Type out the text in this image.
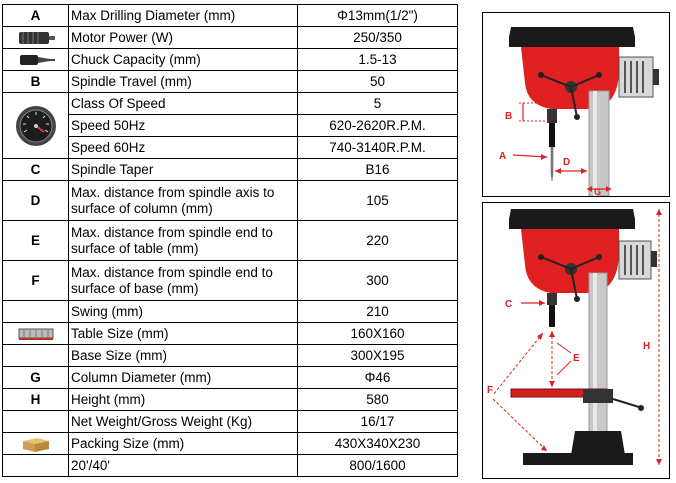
A	Max Drilling Diameter (mm)	Φ13mm(1/2")
	Motor Power (W)	250/350
	Chuck Capacity (mm)	1.5-13
B	Spindle Travel (mm)	50
	Class Of Speed	5
	Speed 50Hz	620-2620R.P.M.
	Speed 60Hz	740-3140R.P.M.
C	Spindle Taper	B16
D	Max. distance from spindle axis to surface of column (mm)	105
E	Max. distance from spindle end to surface of table (mm)	220
F	Max. distance from spindle end to surface of base (mm)	300
	Swing (mm)	210
	Table Size (mm)	160X160
	Base Size (mm)	300X195
G	Column Diameter (mm)	Φ46
H	Height (mm)	580
	Net Weight/Gross Weight (Kg)	16/17
	Packing Size (mm)	430X340X230
	20'/40'	800/1600
B
A
D
G
C
E
F
H
